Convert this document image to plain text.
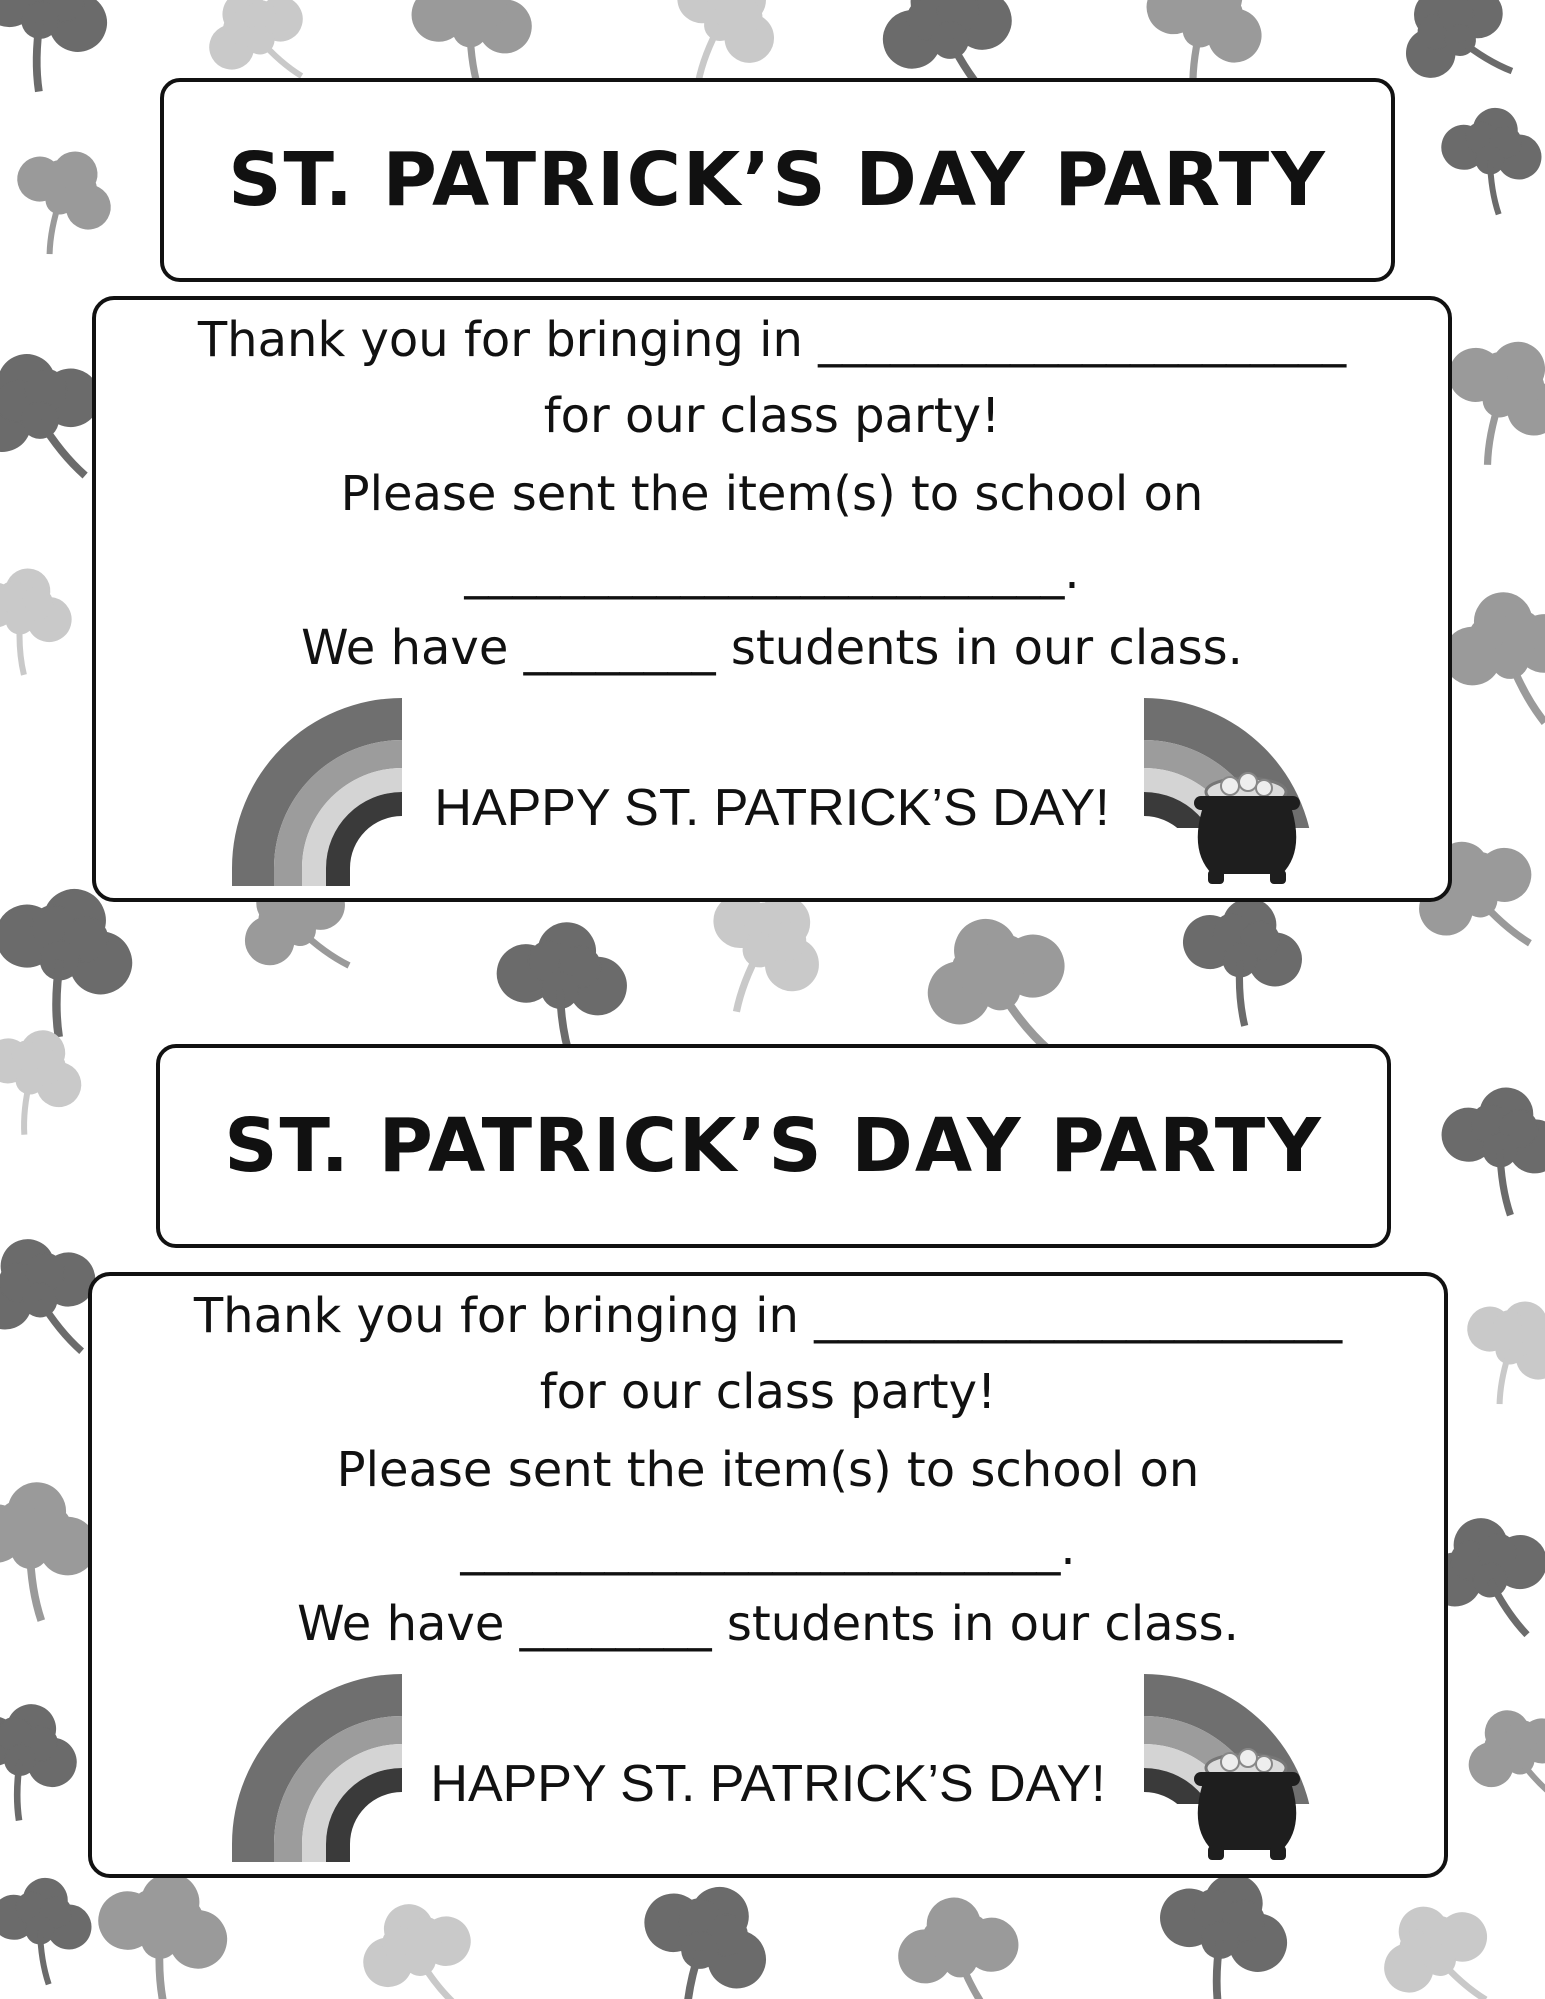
ST. PATRICK’S DAY PARTY
Thank you for bringing in ______________________
for our class party!
Please sent the item(s) to school on
_________________________.
We have ________ students in our class.
HAPPY ST. PATRICK’S DAY!
ST. PATRICK’S DAY PARTY
Thank you for bringing in ______________________
for our class party!
Please sent the item(s) to school on
_________________________.
We have ________ students in our class.
HAPPY ST. PATRICK’S DAY!
